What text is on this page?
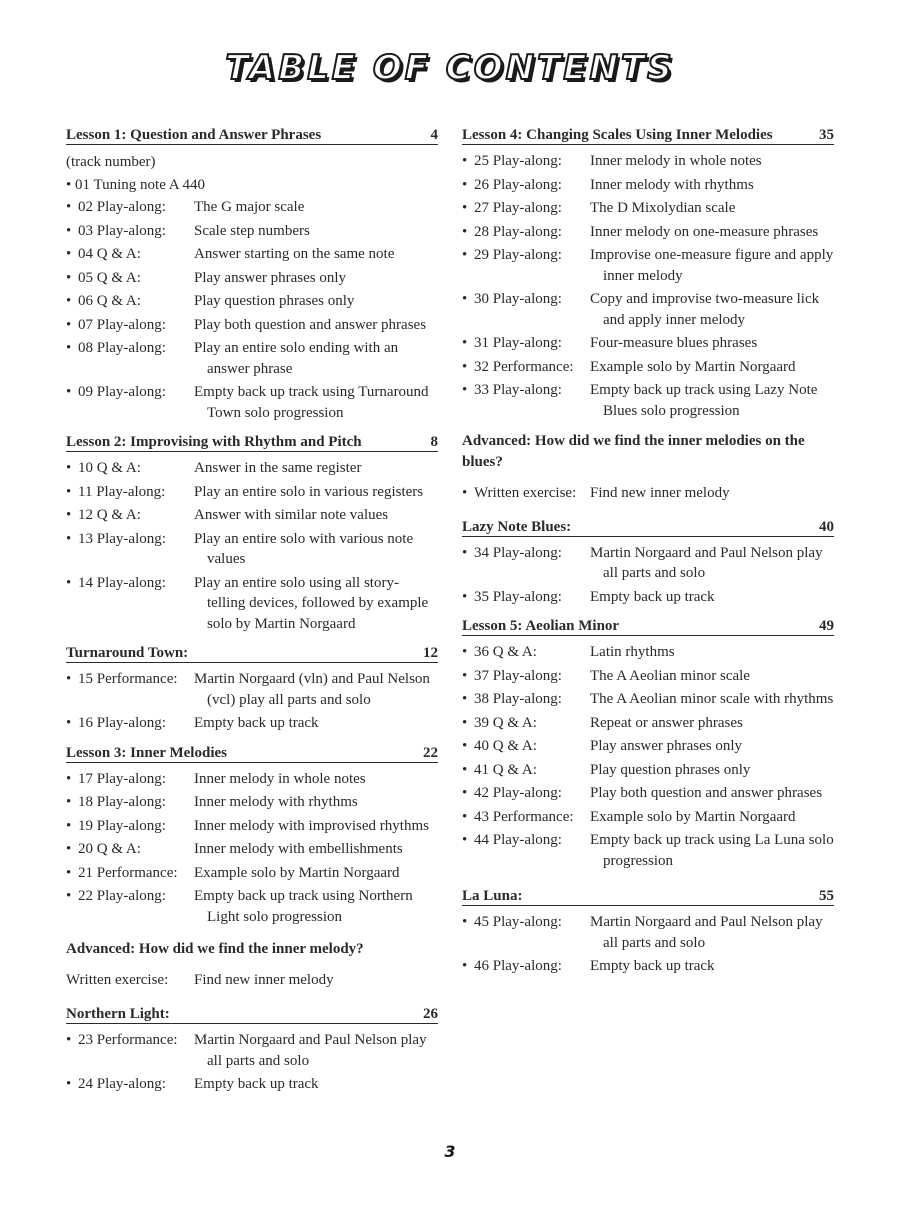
TABLE OF CONTENTS
Lesson 1: Question and Answer Phrases	4
(track number)
• 01 Tuning note A 440
• 02 Play-along:	The G major scale
• 03 Play-along:	Scale step numbers
• 04 Q & A:	Answer starting on the same note
• 05 Q & A:	Play answer phrases only
• 06 Q & A:	Play question phrases only
• 07 Play-along:	Play both question and answer phrases
• 08 Play-along:	Play an entire solo ending with an answer phrase
• 09 Play-along:	Empty back up track using Turnaround Town solo progression
Lesson 2: Improvising with Rhythm and Pitch	8
• 10 Q & A:	Answer in the same register
• 11 Play-along:	Play an entire solo in various registers
• 12 Q & A:	Answer with similar note values
• 13 Play-along:	Play an entire solo with various note values
• 14 Play-along:	Play an entire solo using all story- telling devices, followed by example solo by Martin Norgaard
Turnaround Town:	12
• 15 Performance:	Martin Norgaard (vln) and Paul Nelson (vcl) play all parts and solo
• 16 Play-along:	Empty back up track
Lesson 3: Inner Melodies	22
• 17 Play-along:	Inner melody in whole notes
• 18 Play-along:	Inner melody with rhythms
• 19 Play-along:	Inner melody with improvised rhythms
• 20 Q & A:	Inner melody with embellishments
• 21 Performance:	Example solo by Martin Norgaard
• 22 Play-along:	Empty back up track using Northern Light solo progression
Advanced: How did we find the inner melody?
Written exercise:	Find new inner melody
Northern Light:	26
• 23 Performance:	Martin Norgaard and Paul Nelson play all parts and solo
• 24 Play-along:	Empty back up track
Lesson 4: Changing Scales Using Inner Melodies	35
• 25 Play-along:	Inner melody in whole notes
• 26 Play-along:	Inner melody with rhythms
• 27 Play-along:	The D Mixolydian scale
• 28 Play-along:	Inner melody on one-measure phrases
• 29 Play-along:	Improvise one-measure figure and apply inner melody
• 30 Play-along:	Copy and improvise two-measure lick and apply inner melody
• 31 Play-along:	Four-measure blues phrases
• 32 Performance:	Example solo by Martin Norgaard
• 33 Play-along:	Empty back up track using Lazy Note Blues solo progression
Advanced: How did we find the inner melodies on the blues?
• Written exercise: Find new inner melody
Lazy Note Blues:	40
• 34 Play-along:	Martin Norgaard and Paul Nelson play all parts and solo
• 35 Play-along:	Empty back up track
Lesson 5: Aeolian Minor	49
• 36 Q & A:	Latin rhythms
• 37 Play-along:	The A Aeolian minor scale
• 38 Play-along:	The A Aeolian minor scale with rhythms
• 39 Q & A:	Repeat or answer phrases
• 40 Q & A:	Play answer phrases only
• 41 Q & A:	Play question phrases only
• 42 Play-along:	Play both question and answer phrases
• 43 Performance:	Example solo by Martin Norgaard
• 44 Play-along:	Empty back up track using La Luna solo progression
La Luna:	55
• 45 Play-along:	Martin Norgaard and Paul Nelson play all parts and solo
• 46 Play-along:	Empty back up track
3
